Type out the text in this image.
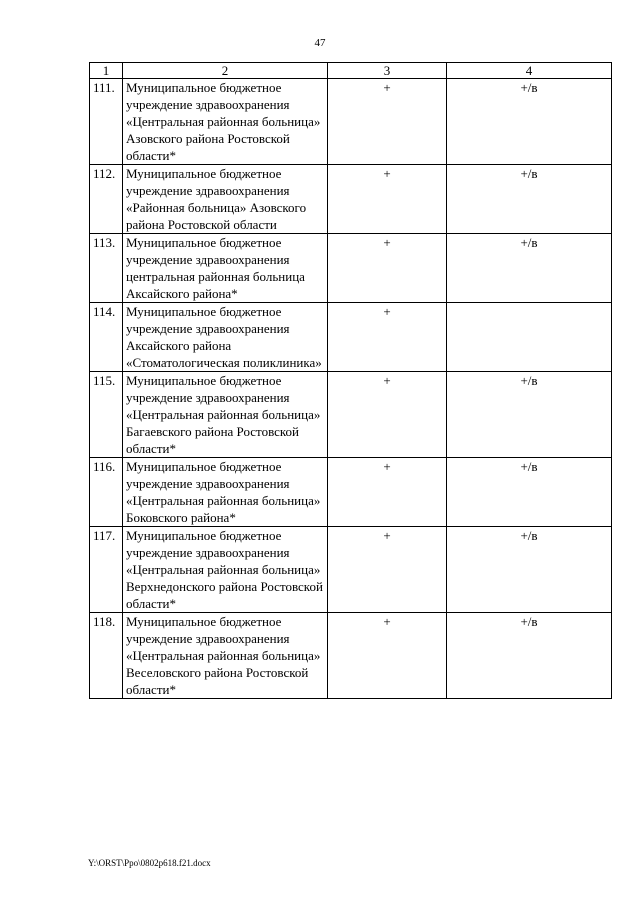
47
1	2	3	4
111.	Муниципальное бюджетное учреждение здравоохранения «Центральная районная больница» Азовского района Ростовской области*	+	+/в
112.	Муниципальное бюджетное учреждение здравоохранения «Районная больница» Азовского района Ростовской области	+	+/в
113.	Муниципальное бюджетное учреждение здравоохранения центральная районная больница Аксайского района*	+	+/в
114.	Муниципальное бюджетное учреждение здравоохранения Аксайского района «Стоматологическая поликлиника»	+	
115.	Муниципальное бюджетное учреждение здравоохранения «Центральная районная больница» Багаевского района Ростовской области*	+	+/в
116.	Муниципальное бюджетное учреждение здравоохранения «Центральная районная больница» Боковского района*	+	+/в
117.	Муниципальное бюджетное учреждение здравоохранения «Центральная районная больница» Верхнедонского района Ростовской области*	+	+/в
118.	Муниципальное бюджетное учреждение здравоохранения «Центральная районная больница» Веселовского района Ростовской области*	+	+/в
Y:\ORST\Ppo\0802p618.f21.docx
